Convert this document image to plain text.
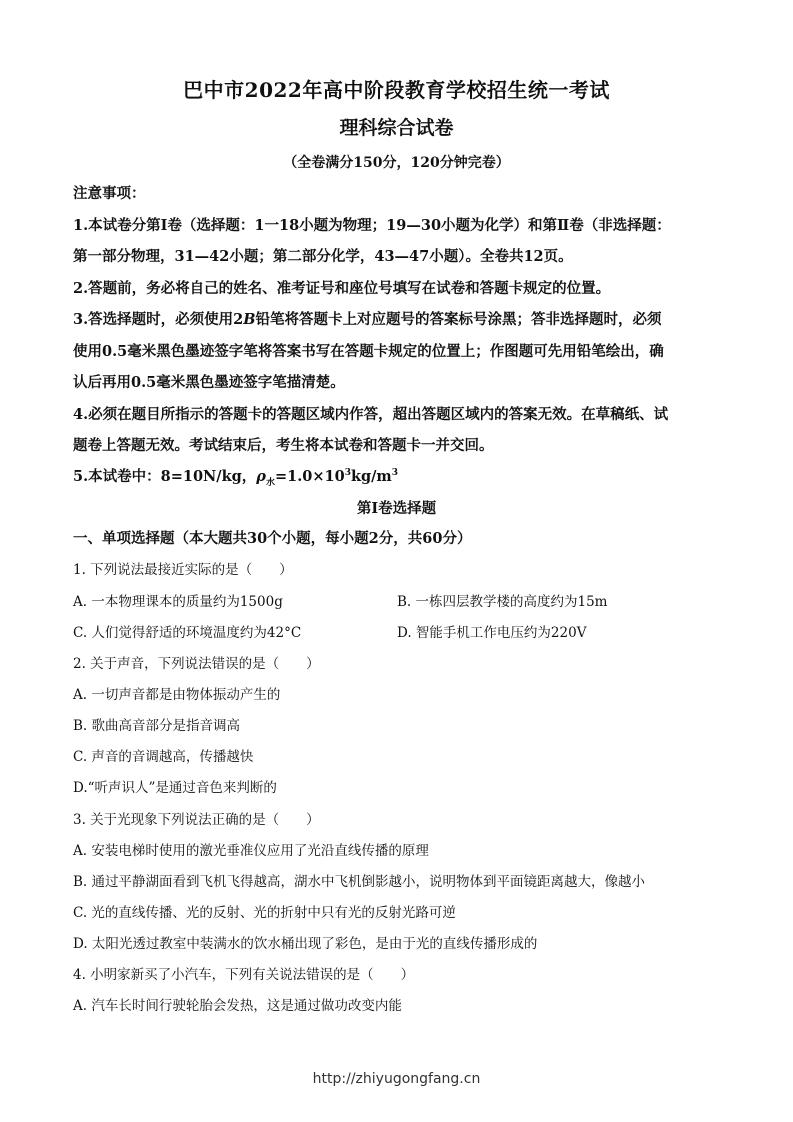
巴中市2022年高中阶段教育学校招生统一考试
理科综合试卷
（全卷满分150分，120分钟完卷）
注意事项：
1.本试卷分第Ⅰ卷（选择题：1一18小题为物理；19—30小题为化学）和第Ⅱ卷（非选择题：
第一部分物理，31—42小题；第二部分化学，43—47小题）。全卷共12页。
2.答题前，务必将自己的姓名、准考证号和座位号填写在试卷和答题卡规定的位置。
3.答选择题时，必须使用2B铅笔将答题卡上对应题号的答案标号涂黑；答非选择题时，必须
使用0.5毫米黑色墨迹签字笔将答案书写在答题卡规定的位置上；作图题可先用铅笔绘出，确
认后再用0.5毫米黑色墨迹签字笔描清楚。
4.必须在题目所指示的答题卡的答题区域内作答，超出答题区域内的答案无效。在草稿纸、试
题卷上答题无效。考试结束后，考生将本试卷和答题卡一并交回。
5.本试卷中：8=10N/kg，$\rho_水=1.0\times 10^3kg/m^3$
第Ⅰ卷选择题
一、单项选择题（本大题共30个小题，每小题2分，共60分）
1. 下列说法最接近实际的是（　　）
A. 一本物理课本的质量约为1500g	B. 一栋四层教学楼的高度约为15m
C. 人们觉得舒适的环境温度约为42°C	D. 智能手机工作电压约为220V
2. 关于声音，下列说法错误的是（　　）
A. 一切声音都是由物体振动产生的
B. 歌曲高音部分是指音调高
C. 声音的音调越高，传播越快
D.“听声识人”是通过音色来判断的
3. 关于光现象下列说法正确的是（　　）
A. 安装电梯时使用的激光垂准仪应用了光沿直线传播的原理
B. 通过平静湖面看到飞机飞得越高，湖水中飞机倒影越小，说明物体到平面镜距离越大，像越小
C. 光的直线传播、光的反射、光的折射中只有光的反射光路可逆
D. 太阳光透过教室中装满水的饮水桶出现了彩色，是由于光的直线传播形成的
4. 小明家新买了小汽车，下列有关说法错误的是（　　）
A. 汽车长时间行驶轮胎会发热，这是通过做功改变内能
http://zhiyugongfang.cn
